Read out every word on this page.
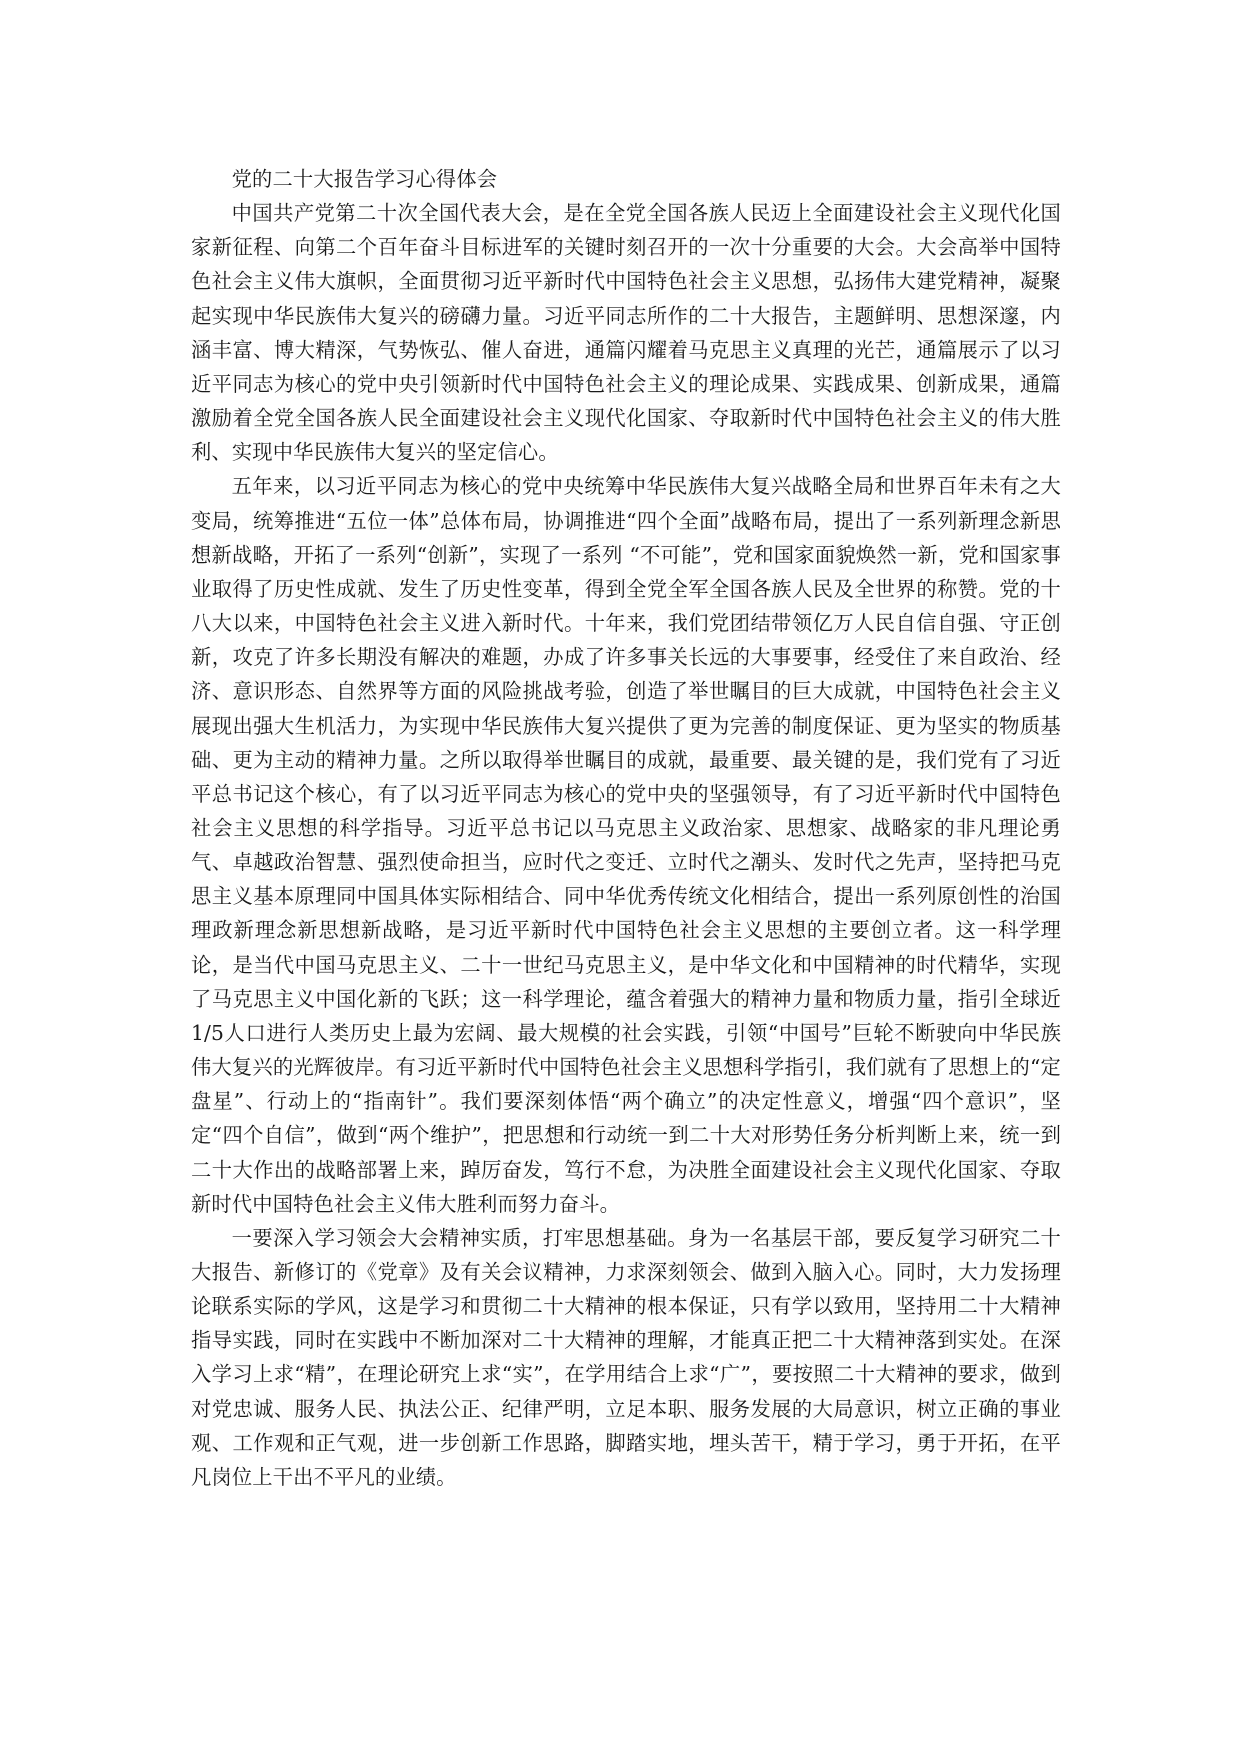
党的二十大报告学习心得体会

中国共产党第二十次全国代表大会，是在全党全国各族人民迈上全面建设社会主义现代化国家新征程、向第二个百年奋斗目标进军的关键时刻召开的一次十分重要的大会。大会高举中国特色社会主义伟大旗帜，全面贯彻习近平新时代中国特色社会主义思想，弘扬伟大建党精神，凝聚起实现中华民族伟大复兴的磅礴力量。习近平同志所作的二十大报告，主题鲜明、思想深邃，内涵丰富、博大精深，气势恢弘、催人奋进，通篇闪耀着马克思主义真理的光芒，通篇展示了以习近平同志为核心的党中央引领新时代中国特色社会主义的理论成果、实践成果、创新成果，通篇激励着全党全国各族人民全面建设社会主义现代化国家、夺取新时代中国特色社会主义的伟大胜利、实现中华民族伟大复兴的坚定信心。

五年来，以习近平同志为核心的党中央统筹中华民族伟大复兴战略全局和世界百年未有之大变局，统筹推进“五位一体”总体布局，协调推进“四个全面”战略布局，提出了一系列新理念新思想新战略，开拓了一系列“创新”，实现了一系列 “不可能”，党和国家面貌焕然一新，党和国家事业取得了历史性成就、发生了历史性变革，得到全党全军全国各族人民及全世界的称赞。党的十八大以来，中国特色社会主义进入新时代。十年来，我们党团结带领亿万人民自信自强、守正创新，攻克了许多长期没有解决的难题，办成了许多事关长远的大事要事，经受住了来自政治、经济、意识形态、自然界等方面的风险挑战考验，创造了举世瞩目的巨大成就，中国特色社会主义展现出强大生机活力，为实现中华民族伟大复兴提供了更为完善的制度保证、更为坚实的物质基础、更为主动的精神力量。之所以取得举世瞩目的成就，最重要、最关键的是，我们党有了习近平总书记这个核心，有了以习近平同志为核心的党中央的坚强领导，有了习近平新时代中国特色社会主义思想的科学指导。习近平总书记以马克思主义政治家、思想家、战略家的非凡理论勇气、卓越政治智慧、强烈使命担当，应时代之变迁、立时代之潮头、发时代之先声，坚持把马克思主义基本原理同中国具体实际相结合、同中华优秀传统文化相结合，提出一系列原创性的治国理政新理念新思想新战略，是习近平新时代中国特色社会主义思想的主要创立者。这一科学理论，是当代中国马克思主义、二十一世纪马克思主义，是中华文化和中国精神的时代精华，实现了马克思主义中国化新的飞跃；这一科学理论，蕴含着强大的精神力量和物质力量，指引全球近1/5人口进行人类历史上最为宏阔、最大规模的社会实践，引领“中国号”巨轮不断驶向中华民族伟大复兴的光辉彼岸。有习近平新时代中国特色社会主义思想科学指引，我们就有了思想上的“定盘星”、行动上的“指南针”。我们要深刻体悟“两个确立”的决定性意义，增强“四个意识”，坚定“四个自信”，做到“两个维护”，把思想和行动统一到二十大对形势任务分析判断上来，统一到二十大作出的战略部署上来，踔厉奋发，笃行不怠，为决胜全面建设社会主义现代化国家、夺取新时代中国特色社会主义伟大胜利而努力奋斗。

一要深入学习领会大会精神实质，打牢思想基础。身为一名基层干部，要反复学习研究二十大报告、新修订的《党章》及有关会议精神，力求深刻领会、做到入脑入心。同时，大力发扬理论联系实际的学风，这是学习和贯彻二十大精神的根本保证，只有学以致用，坚持用二十大精神指导实践，同时在实践中不断加深对二十大精神的理解，才能真正把二十大精神落到实处。在深入学习上求“精”，在理论研究上求“实”，在学用结合上求“广”，要按照二十大精神的要求，做到对党忠诚、服务人民、执法公正、纪律严明，立足本职、服务发展的大局意识，树立正确的事业观、工作观和正气观，进一步创新工作思路，脚踏实地，埋头苦干，精于学习，勇于开拓，在平凡岗位上干出不平凡的业绩。
